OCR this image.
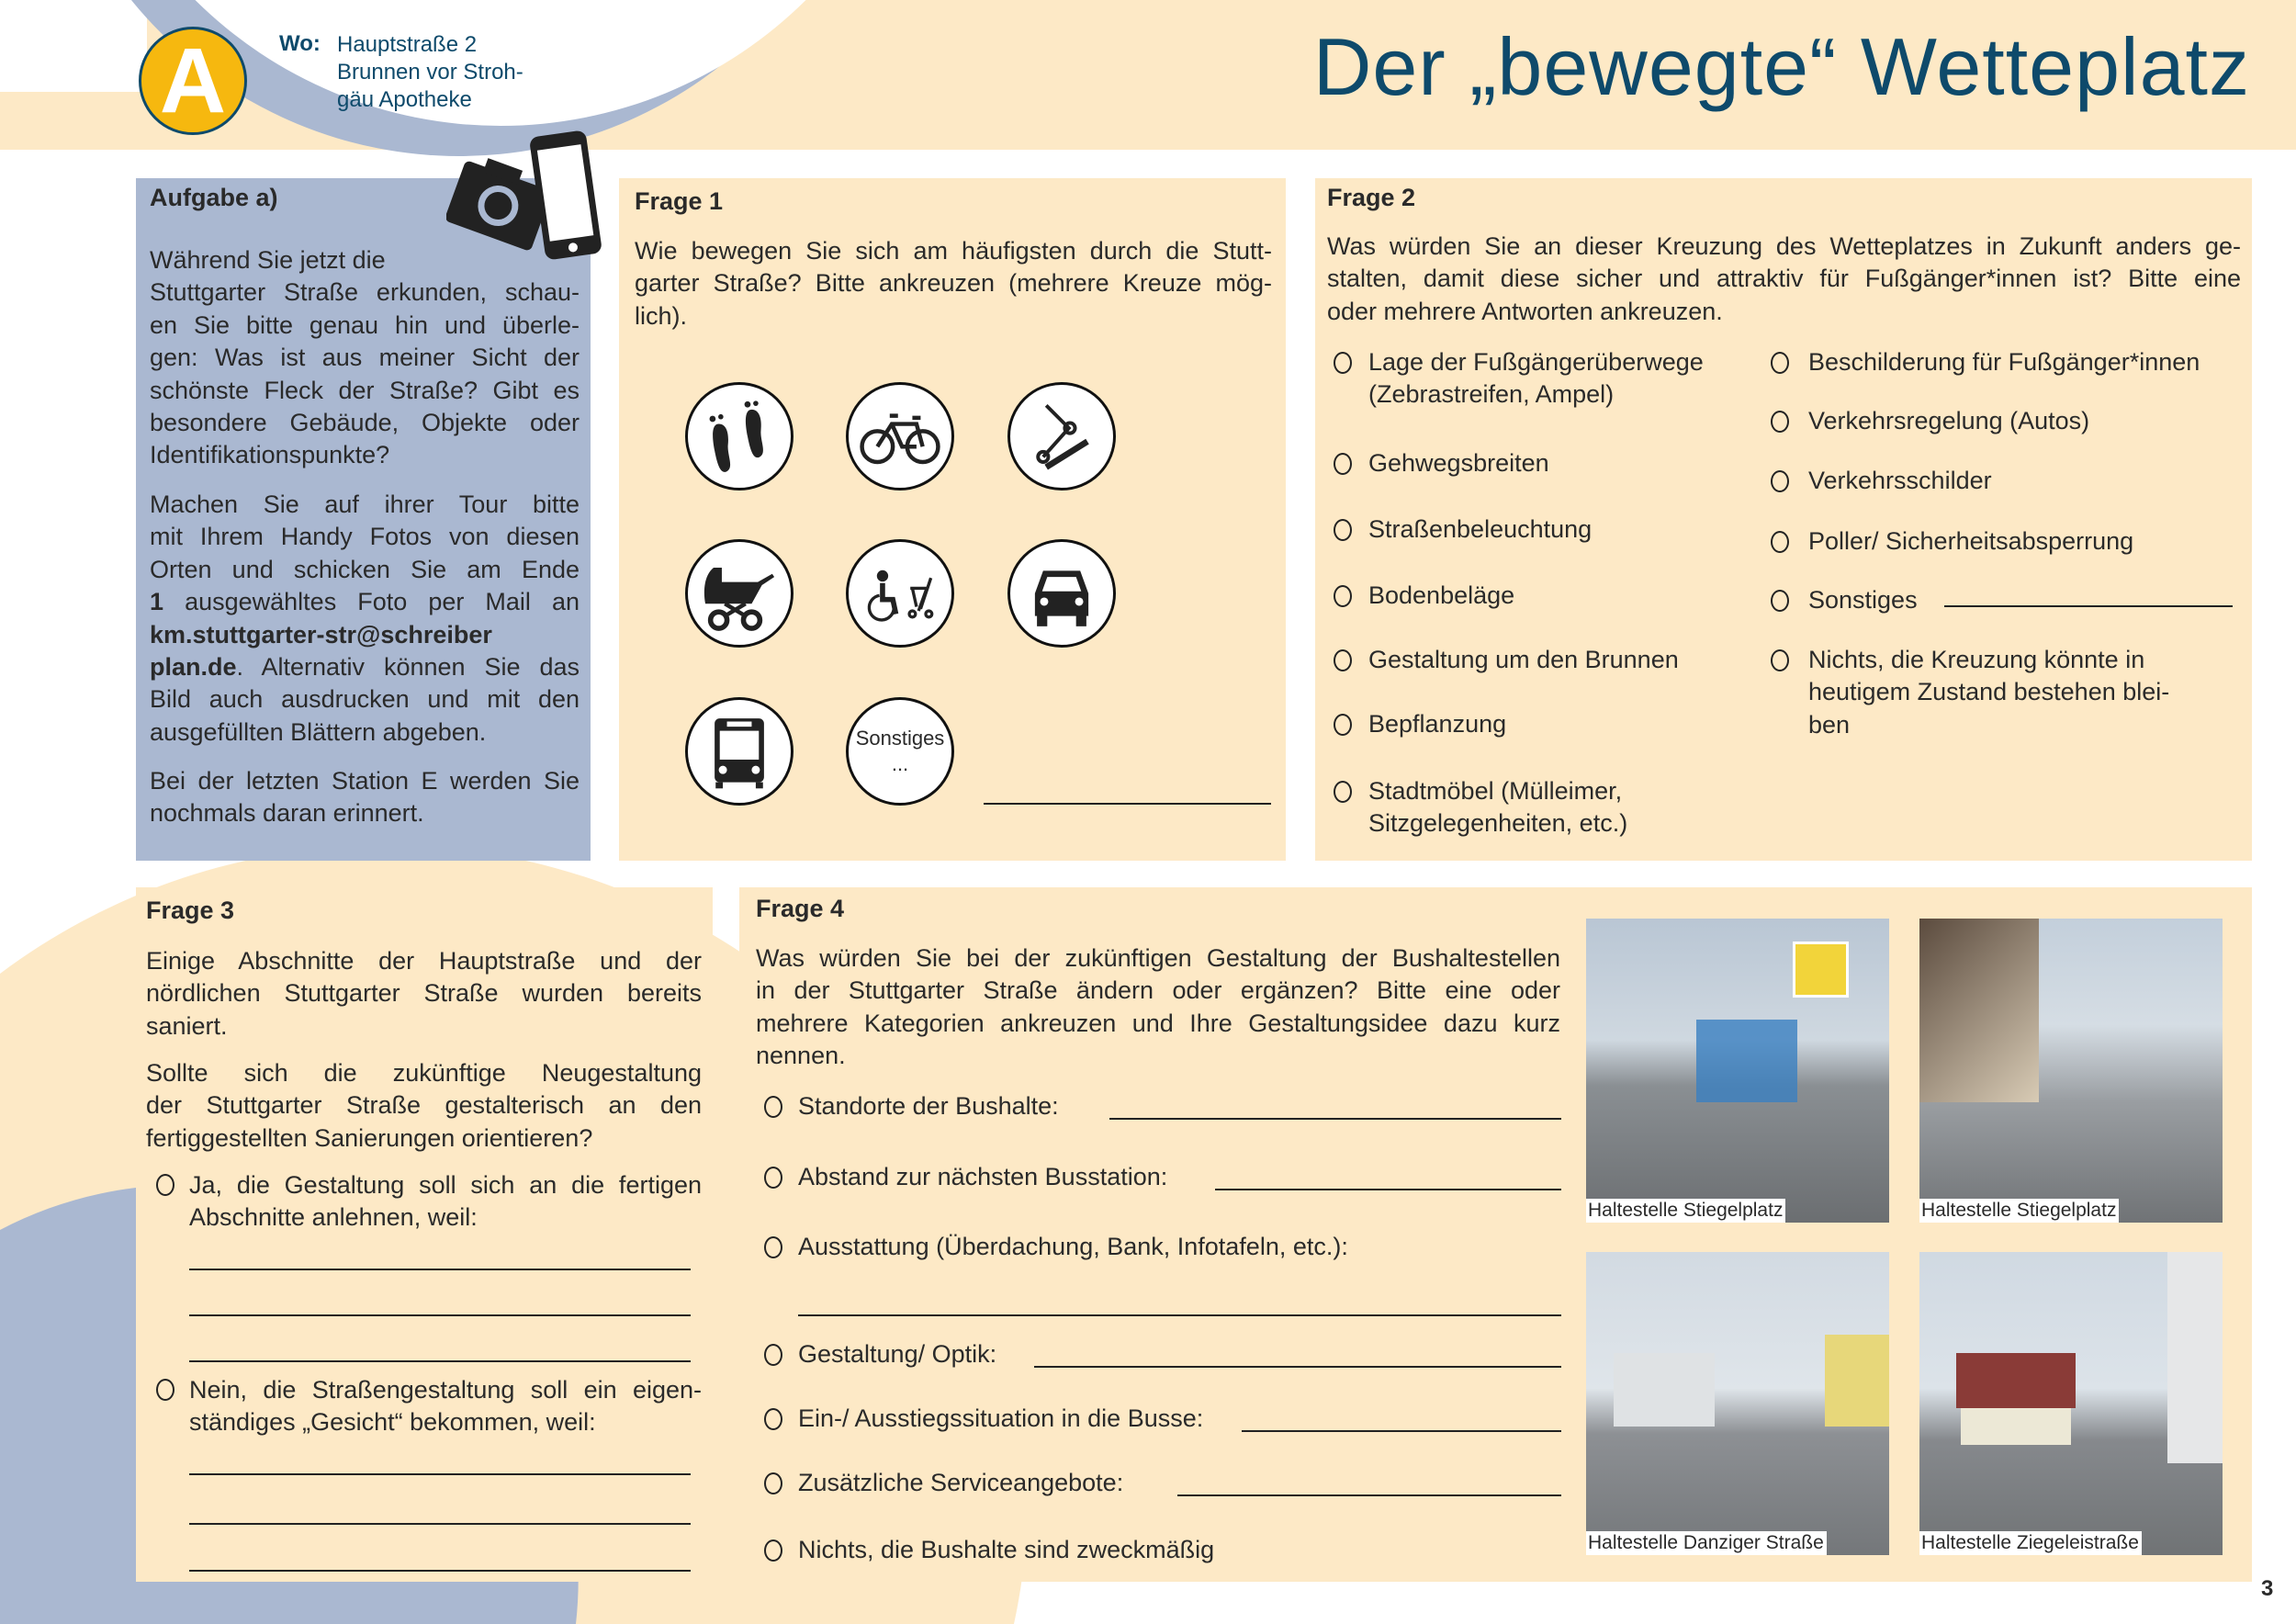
A	Wo: Hauptstraße 2
Brunnen vor Stroh-
gäu Apotheke	Der „bewegte“ Wetteplatz
Aufgabe a)
Während Sie jetzt die
Stuttgarter Straße erkunden, schau-
en Sie bitte genau hin und überle-
gen: Was ist aus meiner Sicht der
schönste Fleck der Straße? Gibt es
besondere Gebäude, Objekte oder
Identifikationspunkte?
Machen Sie auf ihrer Tour bitte
mit Ihrem Handy Fotos von diesen
Orten und schicken Sie am Ende
1 ausgewähltes Foto per Mail an
km.stuttgarter-str@schreiber
plan.de. Alternativ können Sie das
Bild auch ausdrucken und mit den
ausgefüllten Blättern abgeben.
Bei der letzten Station E werden Sie
nochmals daran erinnert.
Frage 1
Wie bewegen Sie sich am häufigsten durch die Stutt-
garter Straße? Bitte ankreuzen (mehrere Kreuze mög-
lich).
Sonstiges
...
Frage 2
Was würden Sie an dieser Kreuzung des Wetteplatzes in Zukunft anders ge-
stalten, damit diese sicher und attraktiv für Fußgänger*innen ist? Bitte eine
oder mehrere Antworten ankreuzen.
Lage der Fußgängerüberwege
(Zebrastreifen, Ampel)
Gehwegsbreiten
Straßenbeleuchtung
Bodenbeläge
Gestaltung um den Brunnen
Bepflanzung
Stadtmöbel (Mülleimer,
Sitzgelegenheiten, etc.)
Beschilderung für Fußgänger*innen
Verkehrsregelung (Autos)
Verkehrsschilder
Poller/ Sicherheitsabsperrung
Sonstiges
Nichts, die Kreuzung könnte in
heutigem Zustand bestehen blei-
ben
Frage 3
Einige Abschnitte der Hauptstraße und der
nördlichen Stuttgarter Straße wurden bereits
saniert.
Sollte sich die zukünftige Neugestaltung
der Stuttgarter Straße gestalterisch an den
fertiggestellten Sanierungen orientieren?
Ja, die Gestaltung soll sich an die fertigen
Abschnitte anlehnen, weil:
Nein, die Straßengestaltung soll ein eigen-
ständiges „Gesicht“ bekommen, weil:
Frage 4
Was würden Sie bei der zukünftigen Gestaltung der Bushaltestellen
in der Stuttgarter Straße ändern oder ergänzen? Bitte eine oder
mehrere Kategorien ankreuzen und Ihre Gestaltungsidee dazu kurz
nennen.
Standorte der Bushalte:
Abstand zur nächsten Busstation:
Ausstattung (Überdachung, Bank, Infotafeln, etc.):
Gestaltung/ Optik:
Ein-/ Ausstiegssituation in die Busse:
Zusätzliche Serviceangebote:
Nichts, die Bushalte sind zweckmäßig
Haltestelle Stiegelplatz	Haltestelle Stiegelplatz
Haltestelle Danziger Straße	Haltestelle Ziegeleistraße
3
